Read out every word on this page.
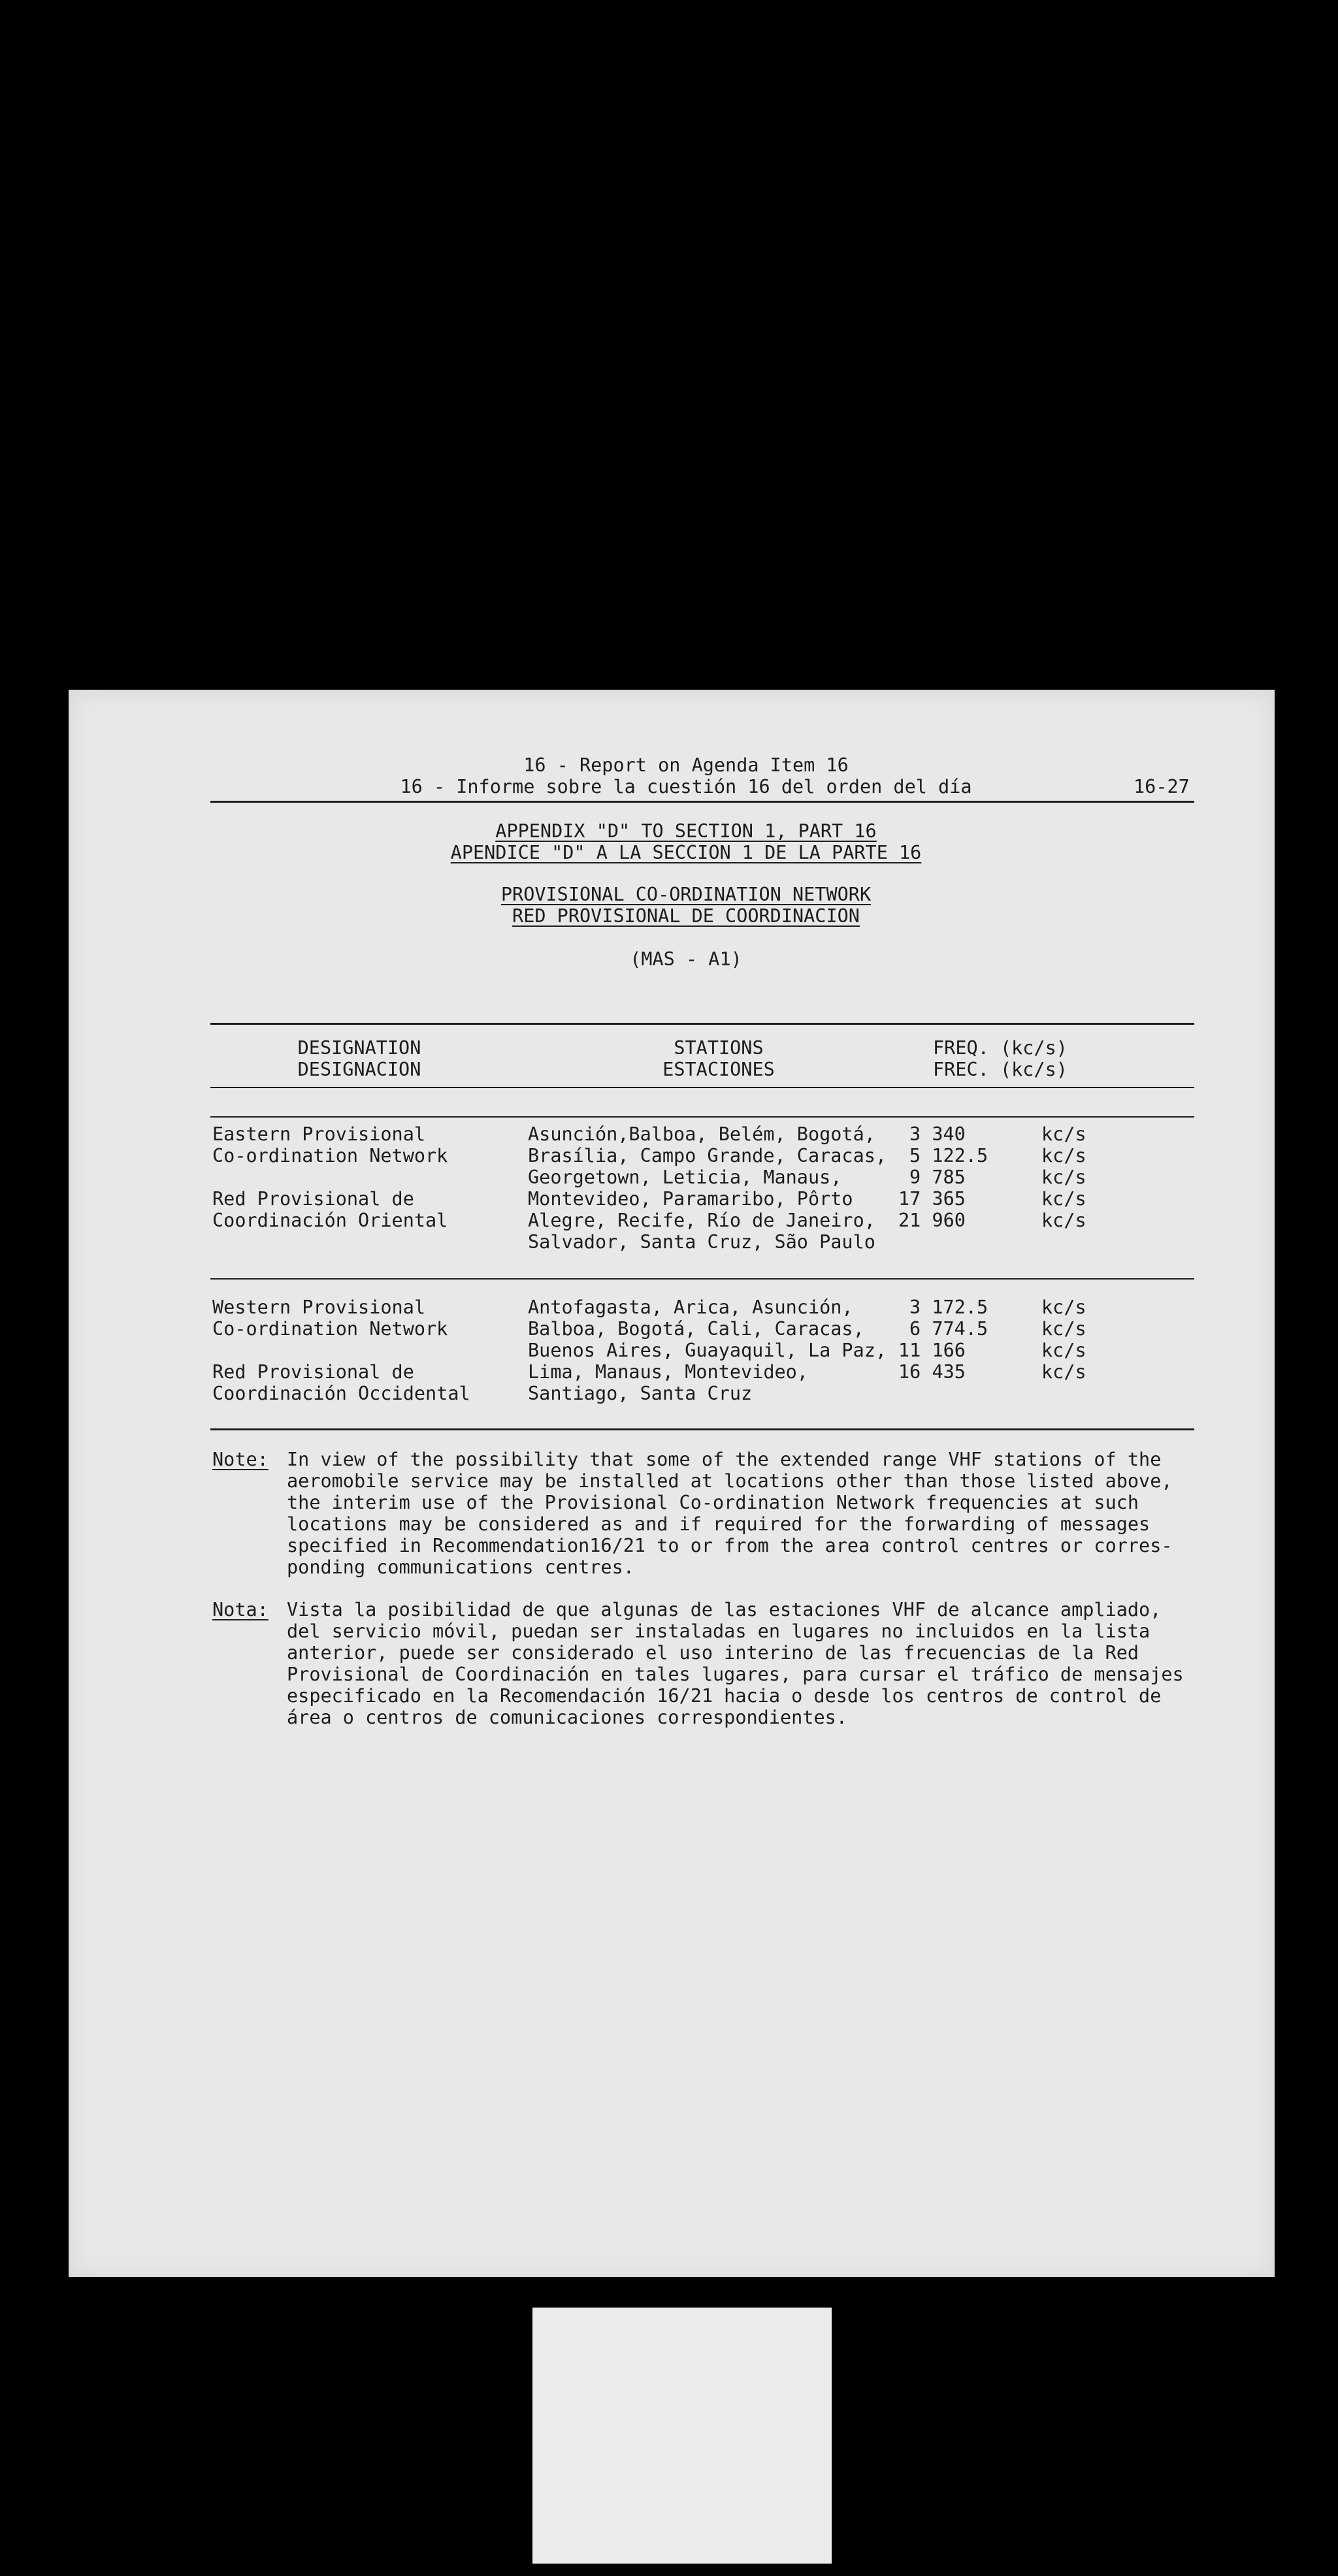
16 - Report on Agenda Item 16
16 - Informe sobre la cuestión 16 del orden del día	16-27
APPENDIX "D" TO SECTION 1, PART 16
APENDICE "D" A LA SECCION 1 DE LA PARTE 16
PROVISIONAL CO-ORDINATION NETWORK
RED PROVISIONAL DE COORDINACION
(MAS - A1)
DESIGNATION
DESIGNACION
STATIONS
ESTACIONES
FREQ. (kc/s)
FREC. (kc/s)
Eastern Provisional
Co-ordination Network
Red Provisional de
Coordinación Oriental
Asunción,Balboa, Belém, Bogotá,
Brasília, Campo Grande, Caracas,
Georgetown, Leticia, Manaus,
Montevideo, Paramaribo, Pôrto
Alegre, Recife, Río de Janeiro,
Salvador, Santa Cruz, São Paulo
3 340
5 122.5
9 785
17 365
21 960
kc/s
kc/s
kc/s
kc/s
kc/s
Western Provisional
Co-ordination Network
Red Provisional de
Coordinación Occidental
Antofagasta, Arica, Asunción,
Balboa, Bogotá, Cali, Caracas,
Buenos Aires, Guayaquil, La Paz,
Lima, Manaus, Montevideo,
Santiago, Santa Cruz
3 172.5
6 774.5
11 166
16 435
kc/s
kc/s
kc/s
kc/s
Note: In view of the possibility that some of the extended range VHF stations of the
aeromobile service may be installed at locations other than those listed above,
the interim use of the Provisional Co-ordination Network frequencies at such
locations may be considered as and if required for the forwarding of messages
specified in Recommendation16/21 to or from the area control centres or corres-
ponding communications centres.
Nota: Vista la posibilidad de que algunas de las estaciones VHF de alcance ampliado,
del servicio móvil, puedan ser instaladas en lugares no incluidos en la lista
anterior, puede ser considerado el uso interino de las frecuencias de la Red
Provisional de Coordinación en tales lugares, para cursar el tráfico de mensajes
especificado en la Recomendación 16/21 hacia o desde los centros de control de
área o centros de comunicaciones correspondientes.
